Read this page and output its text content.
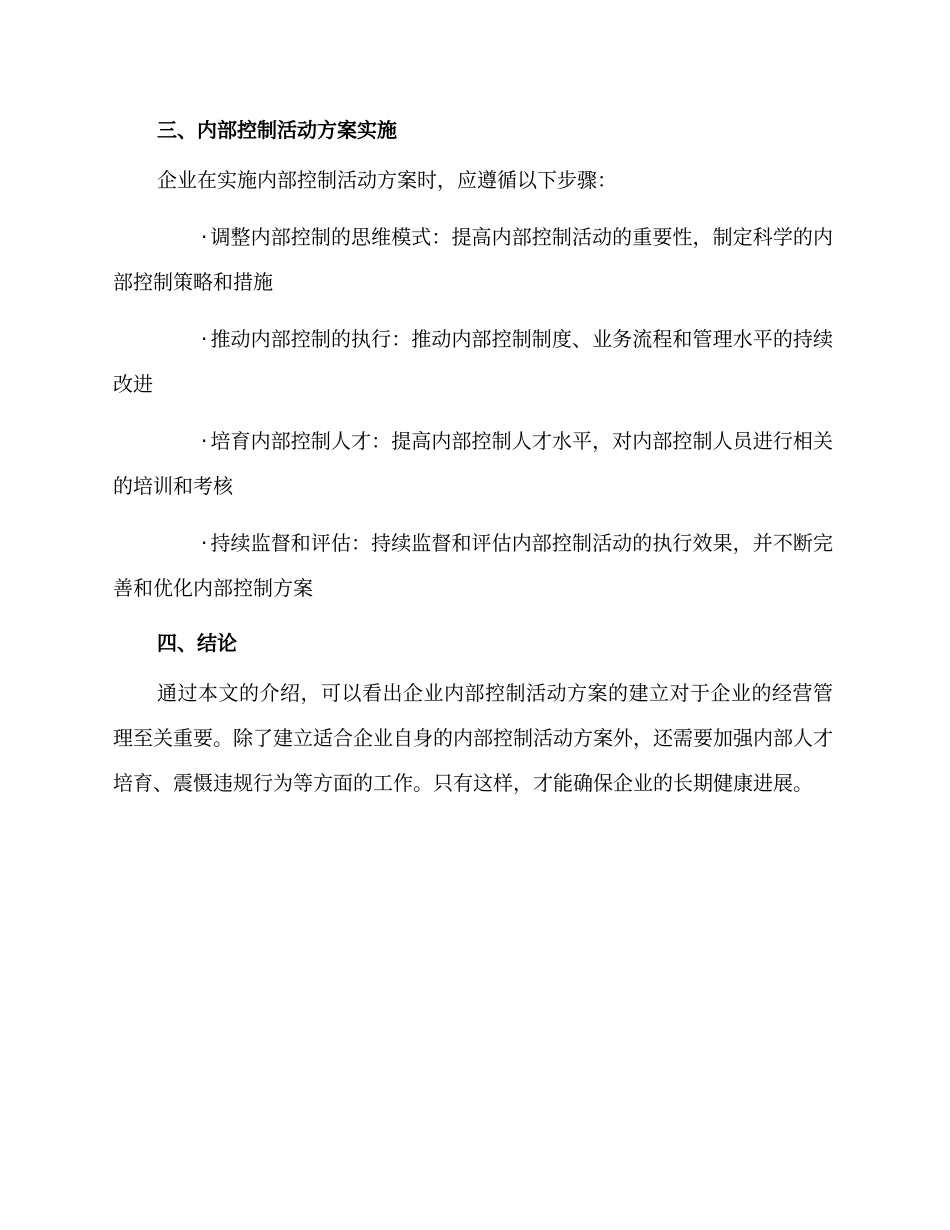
三、内部控制活动方案实施

企业在实施内部控制活动方案时，应遵循以下步骤：

· 调整内部控制的思维模式：提高内部控制活动的重要性，制定科学的内部控制策略和措施

· 推动内部控制的执行：推动内部控制制度、业务流程和管理水平的持续改进

· 培育内部控制人才：提高内部控制人才水平，对内部控制人员进行相关的培训和考核

· 持续监督和评估：持续监督和评估内部控制活动的执行效果，并不断完善和优化内部控制方案

四、结论

通过本文的介绍，可以看出企业内部控制活动方案的建立对于企业的经营管理至关重要。除了建立适合企业自身的内部控制活动方案外，还需要加强内部人才培育、震慑违规行为等方面的工作。只有这样，才能确保企业的长期健康进展。
